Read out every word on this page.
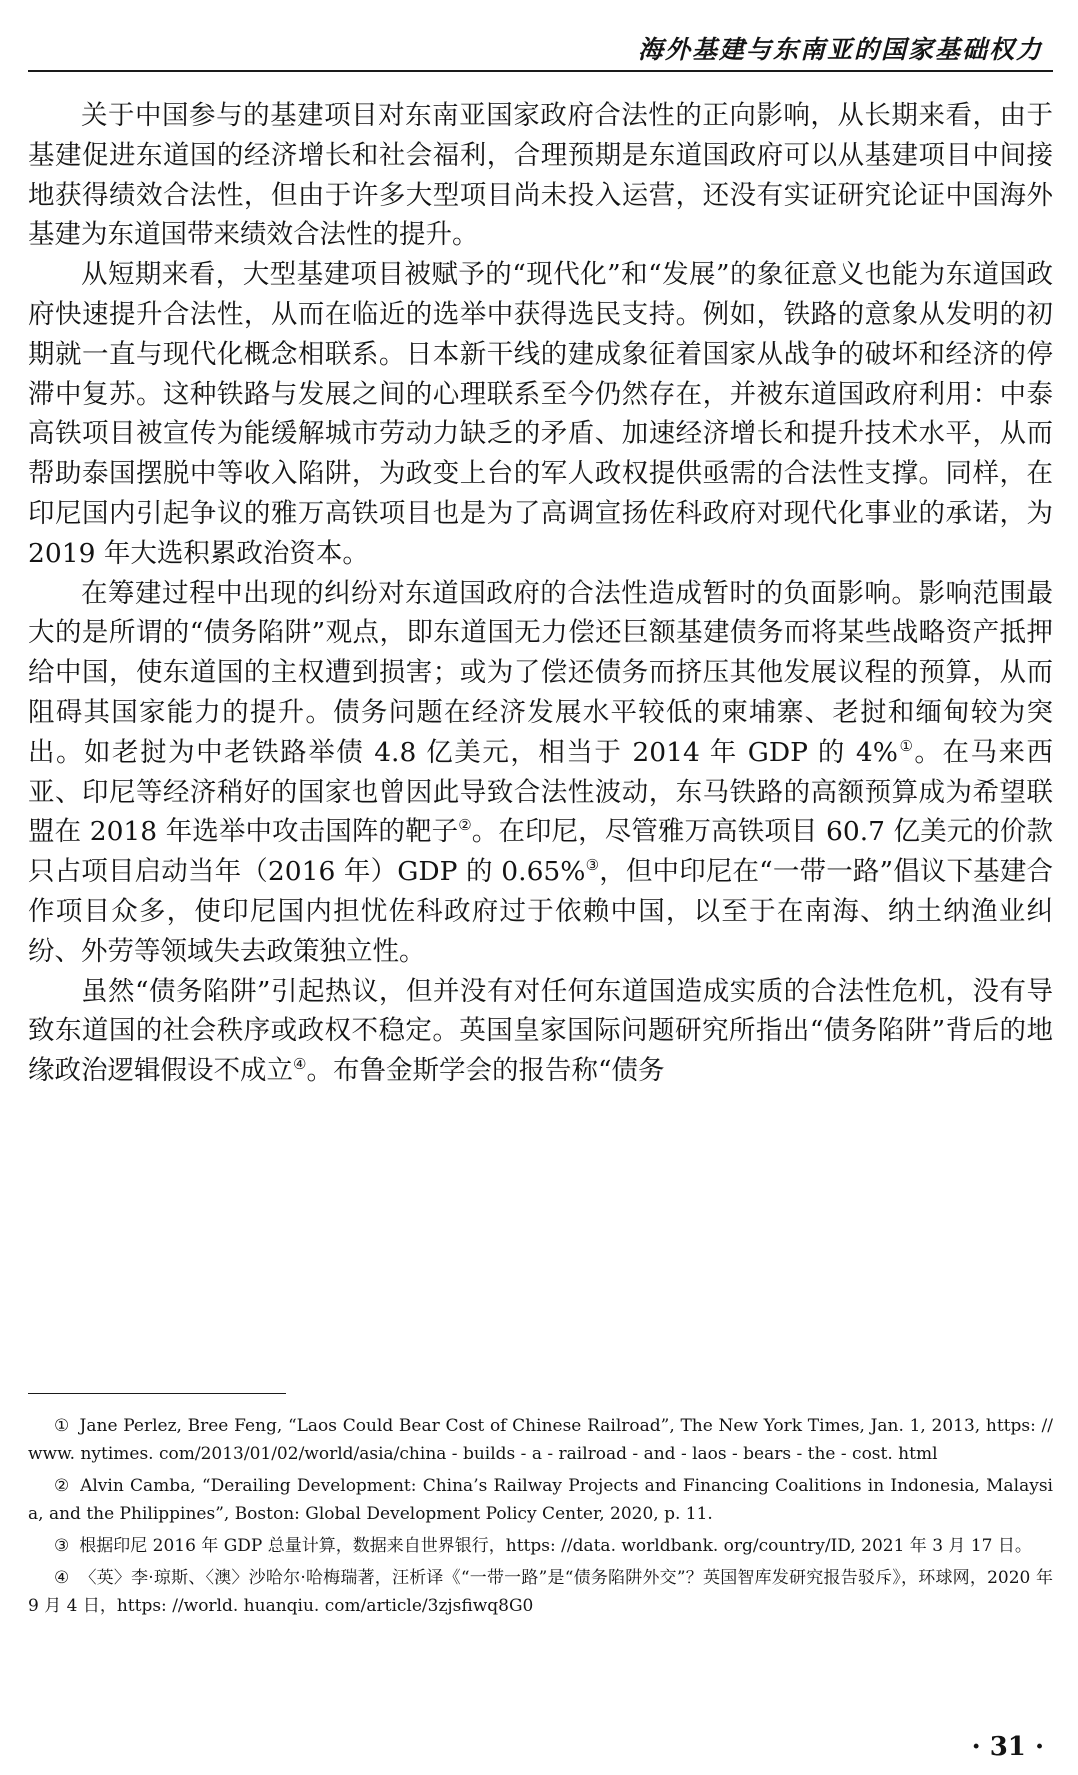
海外基建与东南亚的国家基础权力

关于中国参与的基建项目对东南亚国家政府合法性的正向影响，从长期来看，由于基建促进东道国的经济增长和社会福利，合理预期是东道国政府可以从基建项目中间接地获得绩效合法性，但由于许多大型项目尚未投入运营，还没有实证研究论证中国海外基建为东道国带来绩效合法性的提升。

从短期来看，大型基建项目被赋予的“现代化”和“发展”的象征意义也能为东道国政府快速提升合法性，从而在临近的选举中获得选民支持。例如，铁路的意象从发明的初期就一直与现代化概念相联系。日本新干线的建成象征着国家从战争的破坏和经济的停滞中复苏。这种铁路与发展之间的心理联系至今仍然存在，并被东道国政府利用：中泰高铁项目被宣传为能缓解城市劳动力缺乏的矛盾、加速经济增长和提升技术水平，从而帮助泰国摆脱中等收入陷阱，为政变上台的军人政权提供亟需的合法性支撑。同样，在印尼国内引起争议的雅万高铁项目也是为了高调宣扬佐科政府对现代化事业的承诺，为 2019 年大选积累政治资本。

在筹建过程中出现的纠纷对东道国政府的合法性造成暂时的负面影响。影响范围最大的是所谓的“债务陷阱”观点，即东道国无力偿还巨额基建债务而将某些战略资产抵押给中国，使东道国的主权遭到损害；或为了偿还债务而挤压其他发展议程的预算，从而阻碍其国家能力的提升。债务问题在经济发展水平较低的柬埔寨、老挝和缅甸较为突出。如老挝为中老铁路举债 4.8 亿美元，相当于 2014 年 GDP 的 4%①。在马来西亚、印尼等经济稍好的国家也曾因此导致合法性波动，东马铁路的高额预算成为希望联盟在 2018 年选举中攻击国阵的靶子②。在印尼，尽管雅万高铁项目 60.7 亿美元的价款只占项目启动当年（2016 年）GDP 的 0.65%③，但中印尼在“一带一路”倡议下基建合作项目众多，使印尼国内担忧佐科政府过于依赖中国，以至于在南海、纳土纳渔业纠纷、外劳等领域失去政策独立性。

虽然“债务陷阱”引起热议，但并没有对任何东道国造成实质的合法性危机，没有导致东道国的社会秩序或政权不稳定。英国皇家国际问题研究所指出“债务陷阱”背后的地缘政治逻辑假设不成立④。布鲁金斯学会的报告称“债务

① Jane Perlez, Bree Feng, “Laos Could Bear Cost of Chinese Railroad”, The New York Times, Jan. 1, 2013, https: //www. nytimes. com/2013/01/02/world/asia/china - builds - a - railroad - and - laos - bears - the - cost. html

② Alvin Camba, “Derailing Development: China’s Railway Projects and Financing Coalitions in Indonesia, Malaysia, and the Philippines”, Boston: Global Development Policy Center, 2020, p. 11.

③ 根据印尼 2016 年 GDP 总量计算，数据来自世界银行，https: //data. worldbank. org/country/ID, 2021 年 3 月 17 日。

④ 〈英〉李·琼斯、〈澳〉沙哈尔·哈梅瑞著，汪析译《“一带一路”是“债务陷阱外交”？英国智库发研究报告驳斥》，环球网，2020 年 9 月 4 日，https: //world. huanqiu. com/article/3zjsfiwq8G0

· 31 ·
